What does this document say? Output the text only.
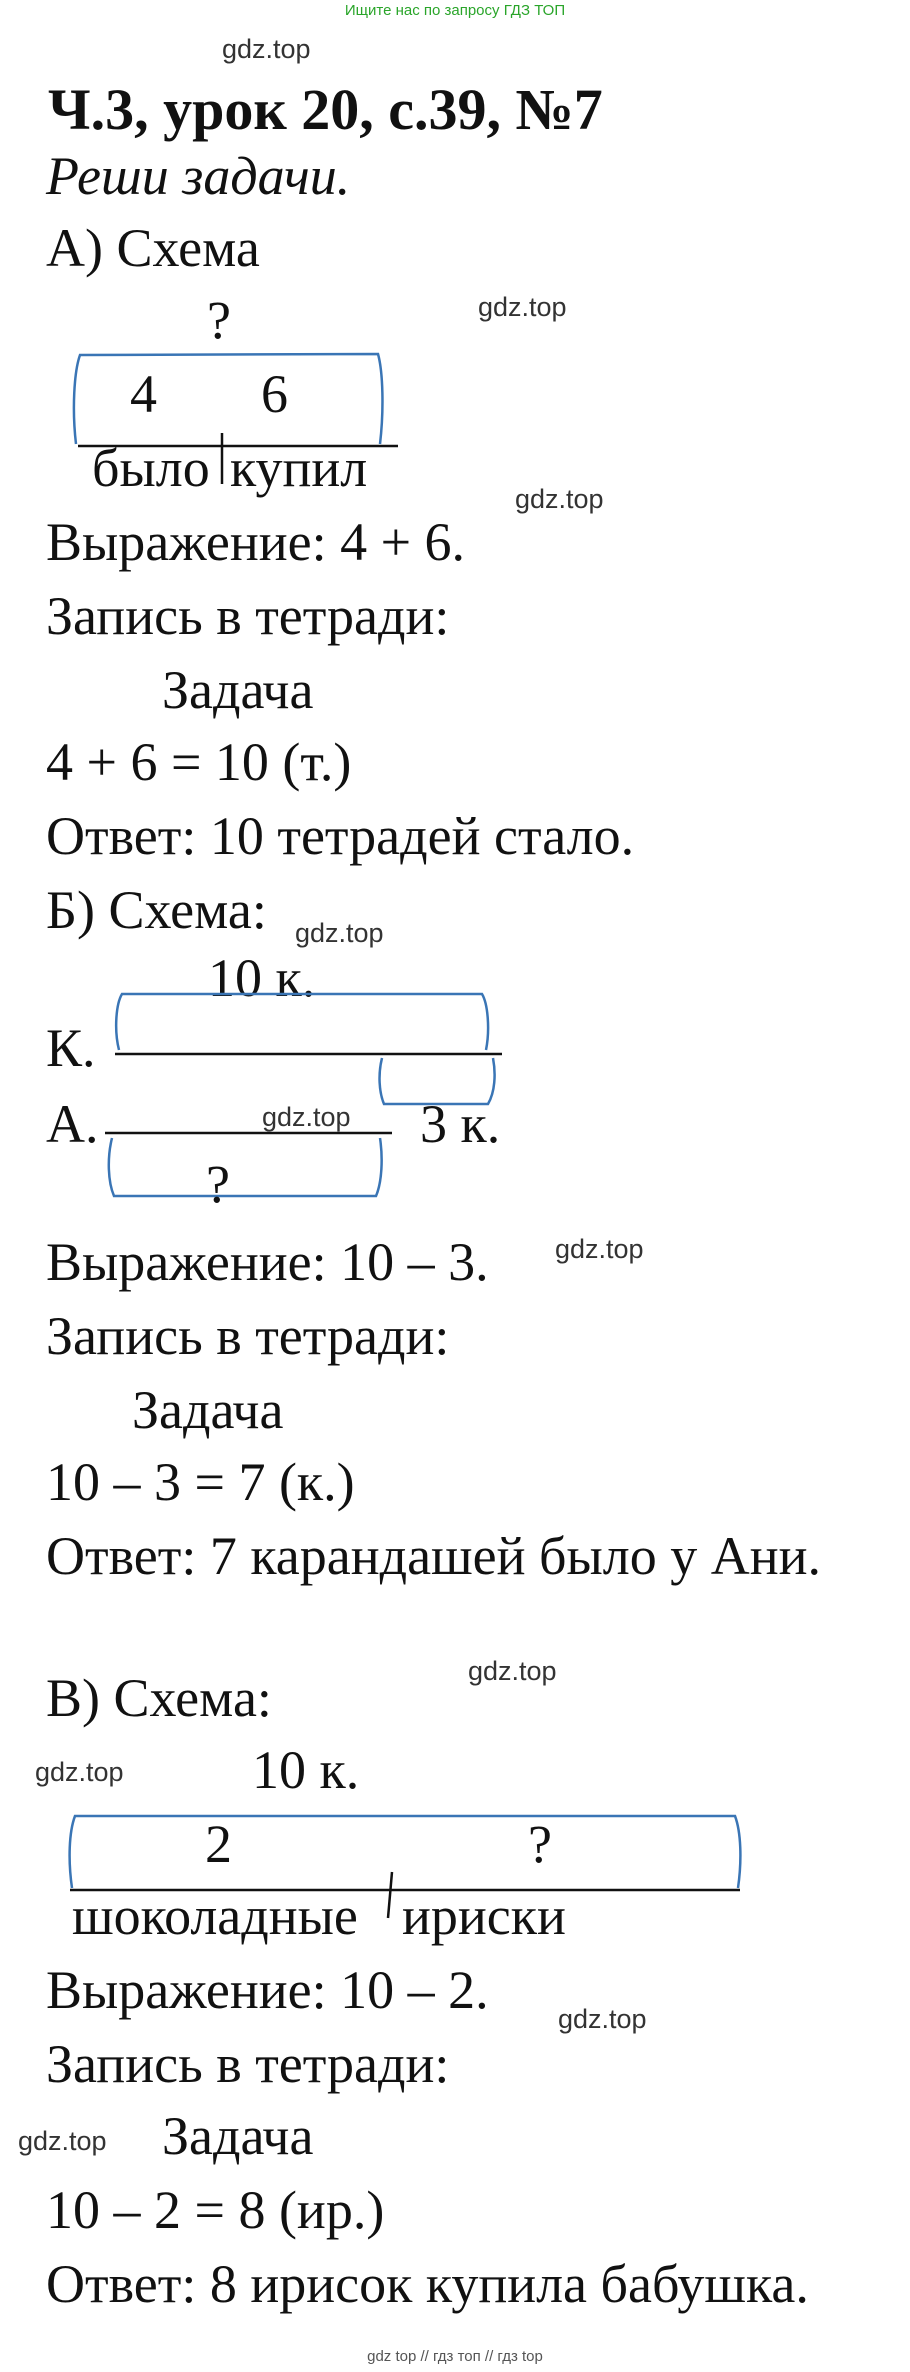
Ищите нас по запросу ГДЗ ТОП
gdz.top
gdz.top
gdz.top
gdz.top
gdz.top
gdz.top
gdz.top
gdz.top
gdz.top
gdz.top
Ч.3, урок 20, с.39, №7
Реши задачи.
А) Схема
?
4 6
было купил
Выражение: 4 + 6.
Запись в тетради:
Задача
4 + 6 = 10 (т.)
Ответ: 10 тетрадей стало.
Б) Схема:
10 к.
К.
А.	3 к.
?
Выражение: 10 – 3.
Запись в тетради:
Задача
10 – 3 = 7 (к.)
Ответ: 7 карандашей было у Ани.
В) Схема:
10 к.
2	?
шоколадные ириски
Выражение: 10 – 2.
Запись в тетради:
Задача
10 – 2 = 8 (ир.)
Ответ: 8 ирисок купила бабушка.
gdz top // гдз топ // гдз top
